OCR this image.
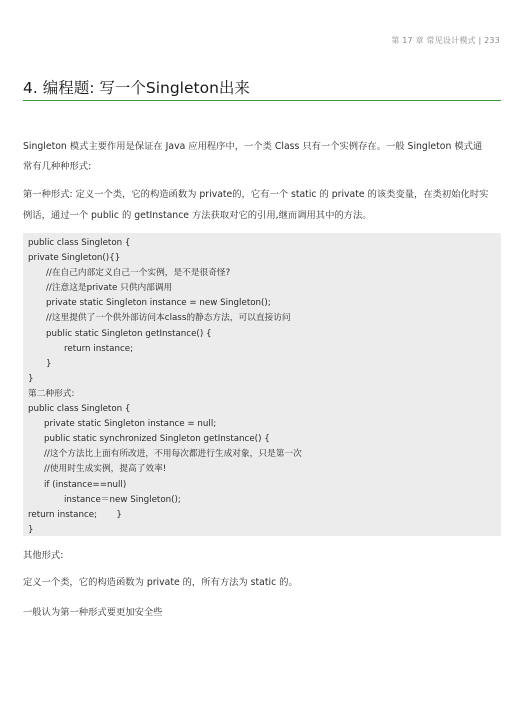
第 17 章 常见设计模式 | 233
4. 编程题: 写一个Singleton出来

Singleton 模式主要作用是保证在 Java 应用程序中，一个类 Class 只有一个实例存在。一般 Singleton 模式通

常有几种种形式:

第一种形式: 定义一个类，它的构造函数为 private的，它有一个 static 的 private 的该类变量，在类初始化时实

例话，通过一个 public 的 getInstance 方法获取对它的引用,继而调用其中的方法。

public class Singleton {
private Singleton(){}
//在自己内部定义自己一个实例，是不是很奇怪?
//注意这是private 只供内部调用
private static Singleton instance = new Singleton();
//这里提供了一个供外部访问本class的静态方法，可以直接访问
public static Singleton getInstance() {
return instance;
}
}
第二种形式:
public class Singleton {
private static Singleton instance = null;
public static synchronized Singleton getInstance() {
//这个方法比上面有所改进，不用每次都进行生成对象，只是第一次
//使用时生成实例，提高了效率!
if (instance==null)
instance＝new Singleton();
return instance;       }
}

其他形式:

定义一个类，它的构造函数为 private 的，所有方法为 static 的。

一般认为第一种形式要更加安全些
